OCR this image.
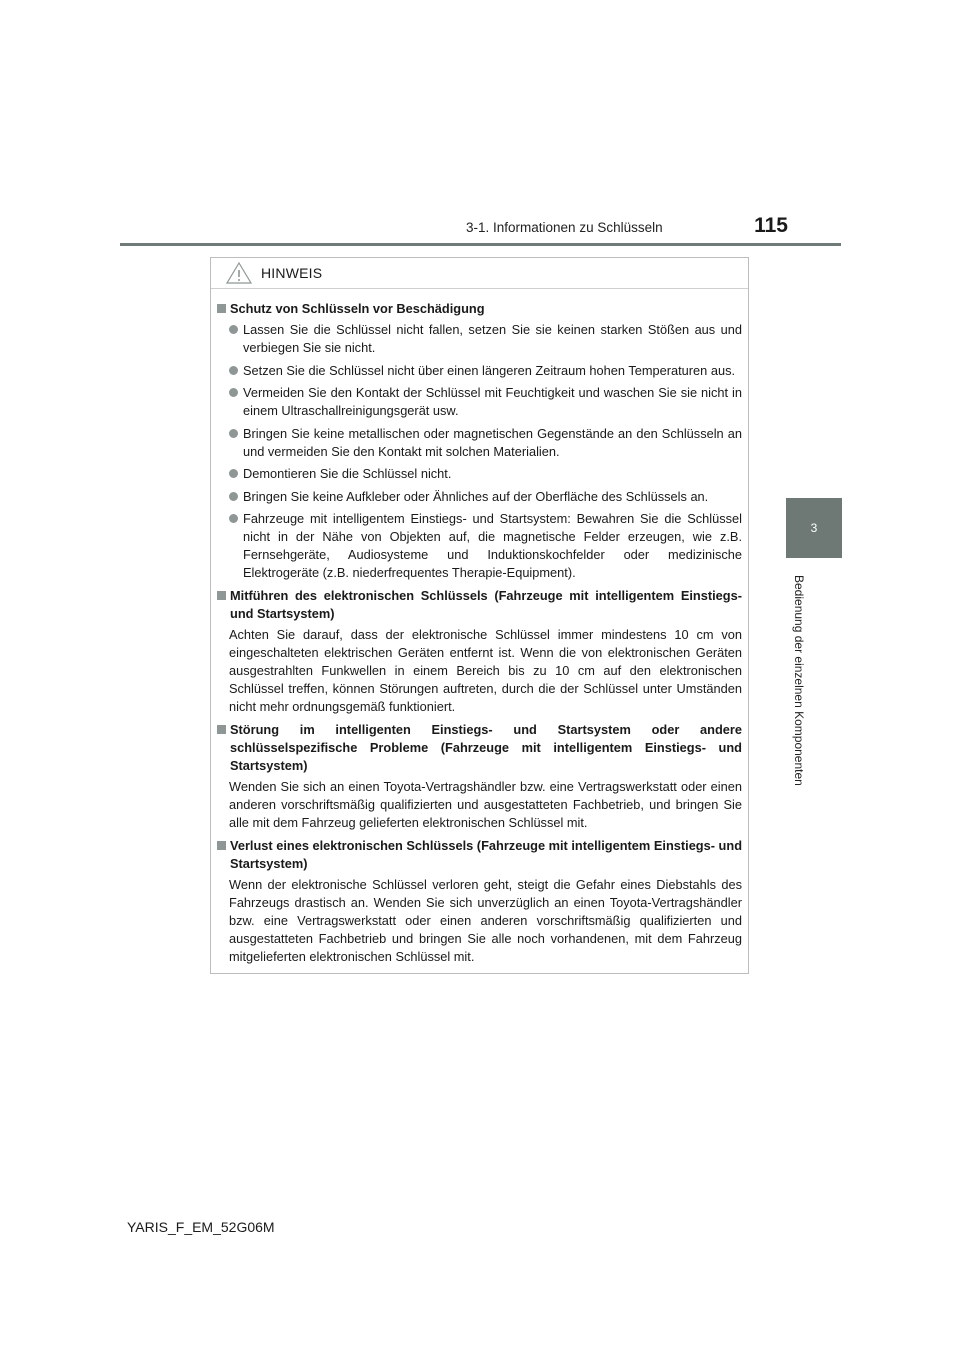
3-1. Informationen zu Schlüsseln	115
3
Bedienung der einzelnen Komponenten
HINWEIS
Schutz von Schlüsseln vor Beschädigung
Lassen Sie die Schlüssel nicht fallen, setzen Sie sie keinen starken Stößen aus und verbiegen Sie sie nicht.
Setzen Sie die Schlüssel nicht über einen längeren Zeitraum hohen Temperaturen aus.
Vermeiden Sie den Kontakt der Schlüssel mit Feuchtigkeit und waschen Sie sie nicht in einem Ultraschallreinigungsgerät usw.
Bringen Sie keine metallischen oder magnetischen Gegenstände an den Schlüsseln an und vermeiden Sie den Kontakt mit solchen Materialien.
Demontieren Sie die Schlüssel nicht.
Bringen Sie keine Aufkleber oder Ähnliches auf der Oberfläche des Schlüssels an.
Fahrzeuge mit intelligentem Einstiegs- und Startsystem: Bewahren Sie die Schlüssel nicht in der Nähe von Objekten auf, die magnetische Felder erzeugen, wie z.B. Fernsehgeräte, Audiosysteme und Induktionskochfelder oder medizinische Elektrogeräte (z.B. niederfrequentes Therapie-Equipment).
Mitführen des elektronischen Schlüssels (Fahrzeuge mit intelligentem Einstiegs- und Startsystem)

Achten Sie darauf, dass der elektronische Schlüssel immer mindestens 10 cm von eingeschalteten elektrischen Geräten entfernt ist. Wenn die von elektronischen Geräten ausgestrahlten Funkwellen in einem Bereich bis zu 10 cm auf den elektronischen Schlüssel treffen, können Störungen auftreten, durch die der Schlüssel unter Umständen nicht mehr ordnungsgemäß funktioniert.

Störung im intelligenten Einstiegs- und Startsystem oder andere schlüsselspezifische Probleme (Fahrzeuge mit intelligentem Einstiegs- und Startsystem)

Wenden Sie sich an einen Toyota-Vertragshändler bzw. eine Vertragswerkstatt oder einen anderen vorschriftsmäßig qualifizierten und ausgestatteten Fachbetrieb, und bringen Sie alle mit dem Fahrzeug gelieferten elektronischen Schlüssel mit.

Verlust eines elektronischen Schlüssels (Fahrzeuge mit intelligentem Einstiegs- und Startsystem)

Wenn der elektronische Schlüssel verloren geht, steigt die Gefahr eines Diebstahls des Fahrzeugs drastisch an. Wenden Sie sich unverzüglich an einen Toyota-Vertragshändler bzw. eine Vertragswerkstatt oder einen anderen vorschriftsmäßig qualifizierten und ausgestatteten Fachbetrieb und bringen Sie alle noch vorhandenen, mit dem Fahrzeug mitgelieferten elektronischen Schlüssel mit.

YARIS_F_EM_52G06M
